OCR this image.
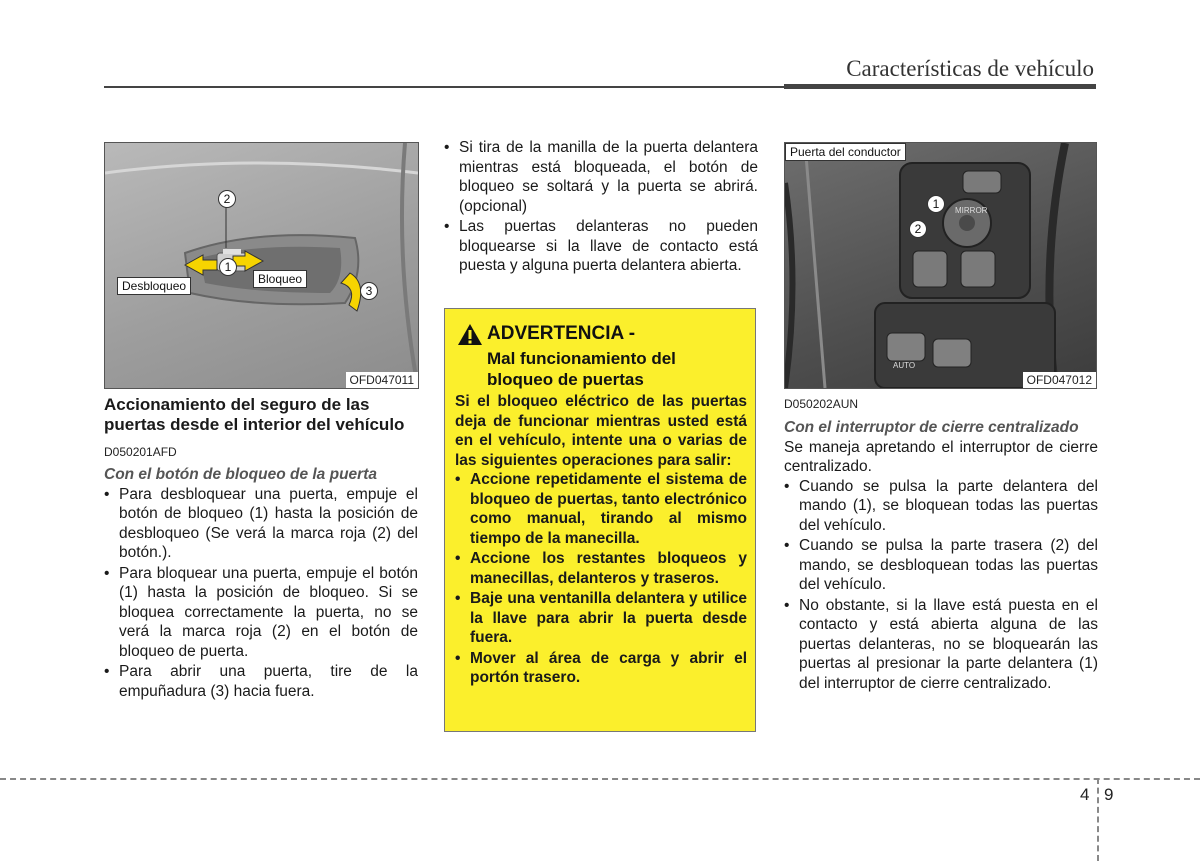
Características de vehículo
2
1
3
Desbloqueo	Bloqueo
OFD047011
Accionamiento del seguro de las puertas desde el interior del vehículo
D050201AFD
Con el botón de bloqueo de la puerta
• Para desbloquear una puerta, empuje el botón de bloqueo (1) hasta la posición de desbloqueo (Se verá la marca roja (2) del botón.).
• Para bloquear una puerta, empuje el botón (1) hasta la posición de bloqueo. Si se bloquea correctamente la puerta, no se verá la marca roja (2) en el botón de bloqueo de puerta.
• Para abrir una puerta, tire de la empuñadura (3) hacia fuera.
• Si tira de la manilla de la puerta delantera mientras está bloqueada, el botón de bloqueo se soltará y la puerta se abrirá. (opcional)
• Las puertas delanteras no pueden bloquearse si la llave de contacto está puesta y alguna puerta delantera abierta.
ADVERTENCIA -
Mal funcionamiento del bloqueo de puertas
Si el bloqueo eléctrico de las puertas deja de funcionar mientras usted está en el vehículo, intente una o varias de las siguientes operaciones para salir:
• Accione repetidamente el sistema de bloqueo de puertas, tanto electrónico como manual, tirando al mismo tiempo de la manecilla.
• Accione los restantes bloqueos y manecillas, delanteros y traseros.
• Baje una ventanilla delantera y utilice la llave para abrir la puerta desde fuera.
• Mover al área de carga y abrir el portón trasero.
MIRROR
AUTO
1
2
Puerta del conductor
OFD047012
D050202AUN
Con el interruptor de cierre centralizado
Se maneja apretando el interruptor de cierre centralizado.
• Cuando se pulsa la parte delantera del mando (1), se bloquean todas las puertas del vehículo.
• Cuando se pulsa la parte trasera (2) del mando, se desbloquean todas las puertas del vehículo.
• No obstante, si la llave está puesta en el contacto y está abierta alguna de las puertas delanteras, no se bloquearán las puertas al presionar la parte delantera (1) del interruptor de cierre centralizado.
4 9
